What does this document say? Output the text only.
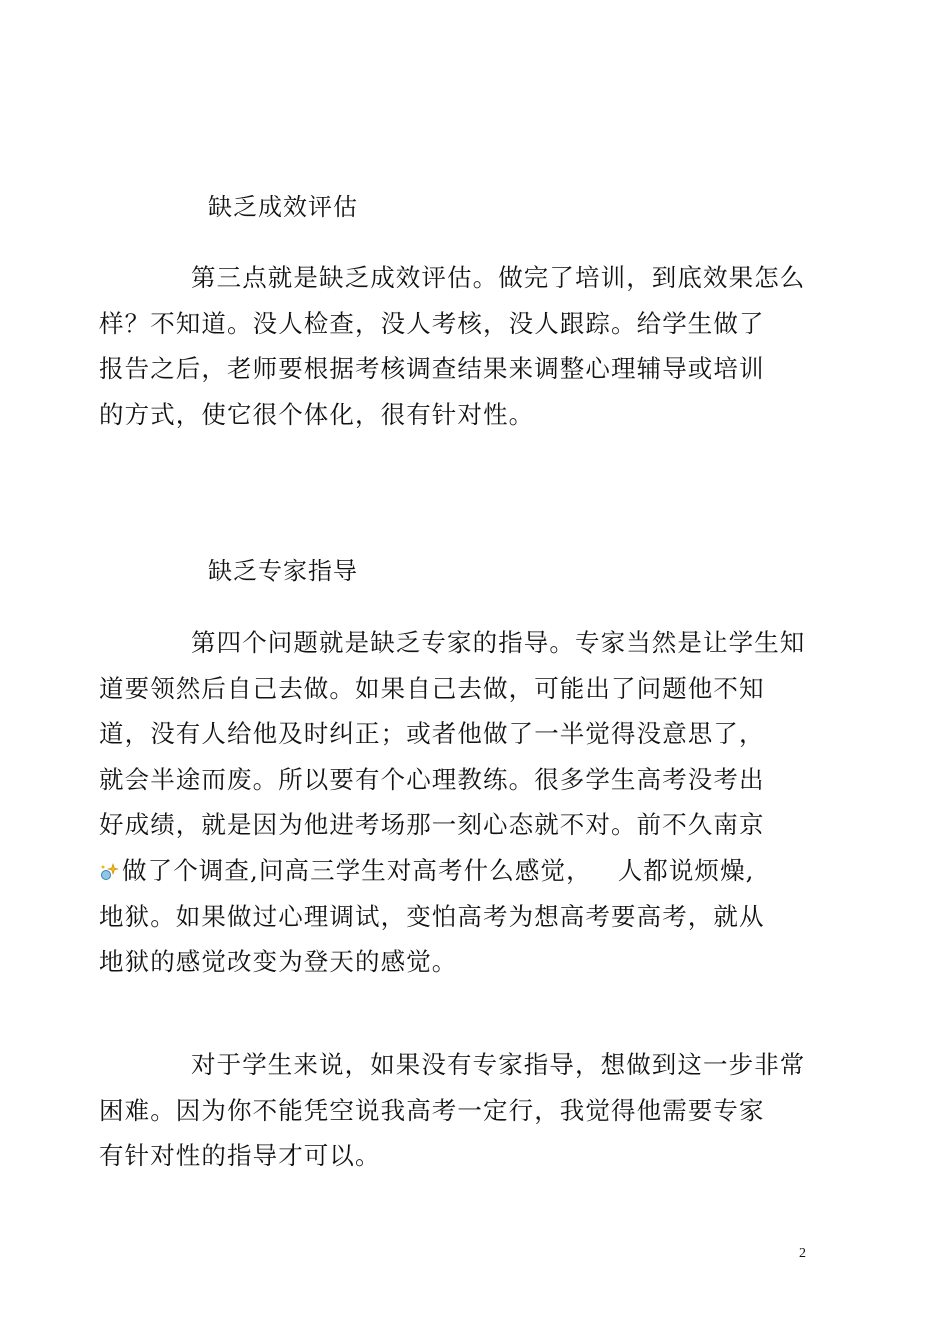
缺乏成效评估

第三点就是缺乏成效评估。做完了培训，到底效果怎么
样？不知道。没人检查，没人考核，没人跟踪。给学生做了
报告之后，老师要根据考核调查结果来调整心理辅导或培训
的方式，使它很个体化，很有针对性。

缺乏专家指导

第四个问题就是缺乏专家的指导。专家当然是让学生知
道要领然后自己去做。如果自己去做，可能出了问题他不知
道，没有人给他及时纠正；或者他做了一半觉得没意思了，
就会半途而废。所以要有个心理教练。很多学生高考没考出
好成绩，就是因为他进考场那一刻心态就不对。前不久南京
做了个调查,问高三学生对高考什么感觉， 人都说烦燥,
地狱。如果做过心理调试，变怕高考为想高考要高考，就从
地狱的感觉改变为登天的感觉。

对于学生来说，如果没有专家指导，想做到这一步非常
困难。因为你不能凭空说我高考一定行，我觉得他需要专家
有针对性的指导才可以。

2
